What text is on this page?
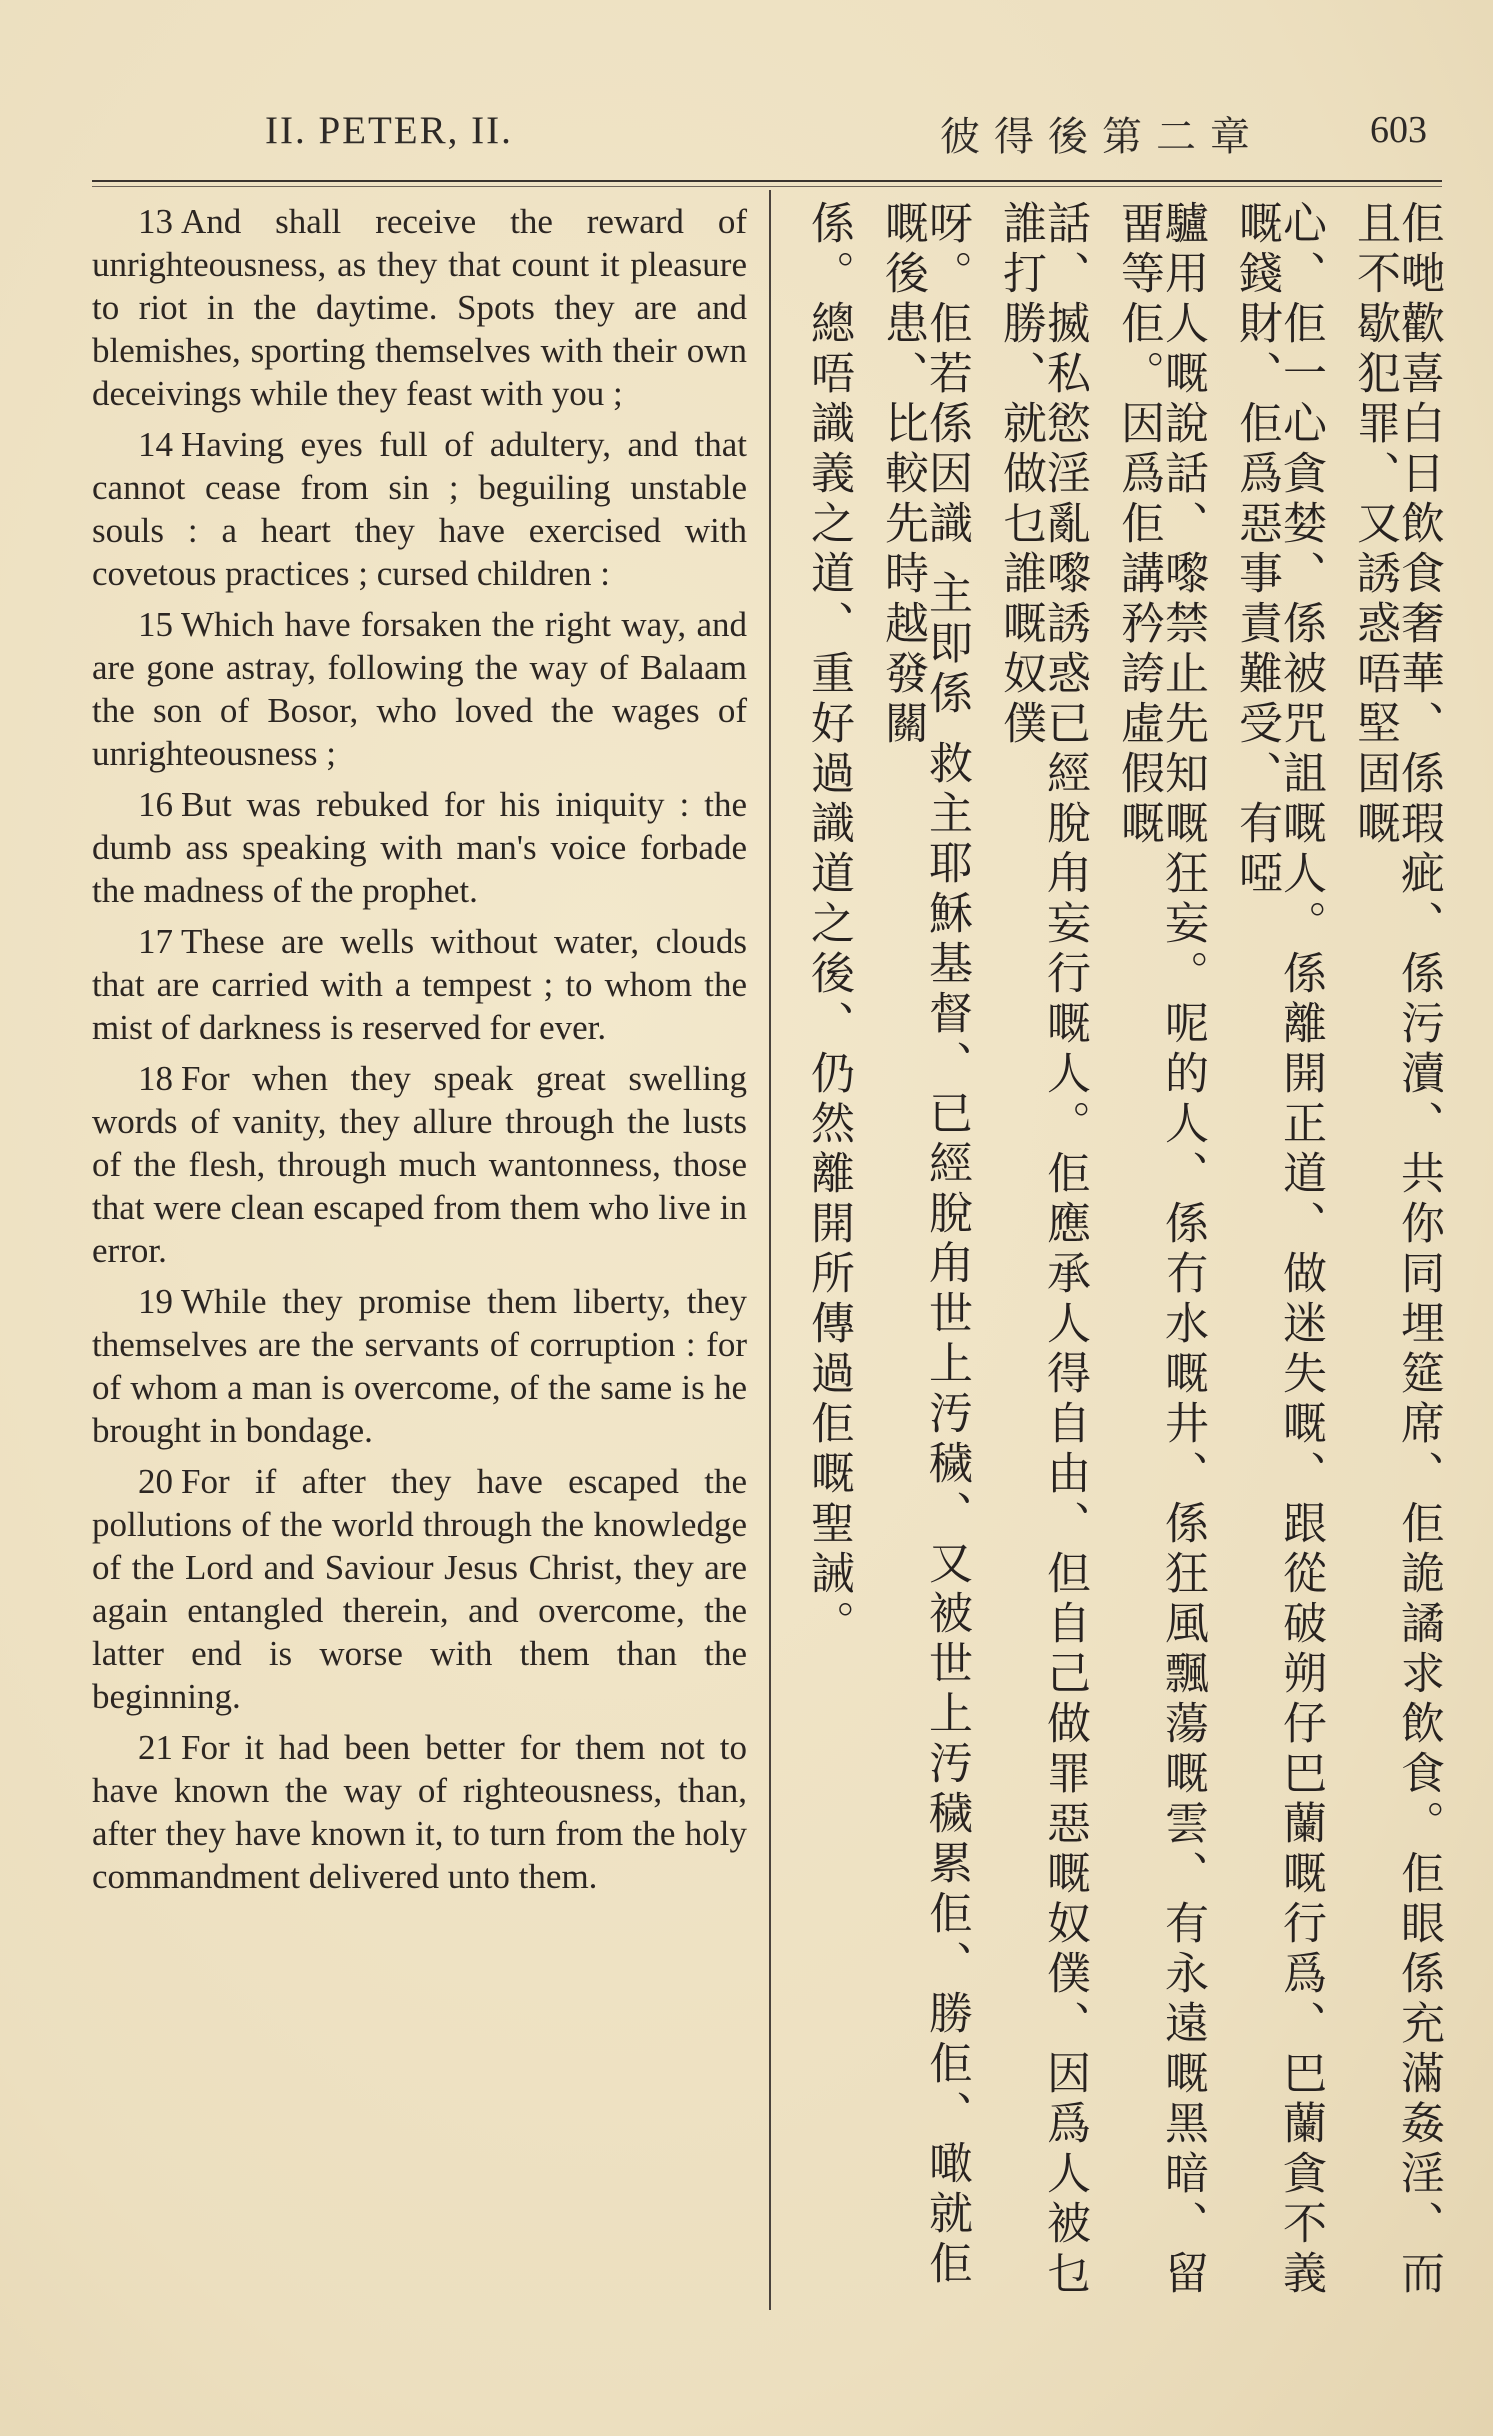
II. PETER, II.	彼得後第二章	603

13 And shall receive the reward of unrighteousness, as they that count it pleasure to riot in the daytime. Spots they are and blemishes, sporting themselves with their own deceivings while they feast with you ;

14 Having eyes full of adultery, and that cannot cease from sin ; beguiling unstable souls : a heart they have exercised with covetous practices ; cursed children :

15 Which have forsaken the right way, and are gone astray, following the way of Balaam the son of Bosor, who loved the wages of unrighteousness ;

16 But was rebuked for his iniquity : the dumb ass speaking with man's voice forbade the madness of the prophet.

17 These are wells without water, clouds that are carried with a tempest ; to whom the mist of darkness is reserved for ever.

18 For when they speak great swelling words of vanity, they allure through the lusts of the flesh, through much wantonness, those that were clean escaped from them who live in error.

19 While they promise them liberty, they themselves are the servants of corruption : for of whom a man is overcome, of the same is he brought in bondage.

20 For if after they have escaped the pollutions of the world through the knowledge of the Lord and Saviour Jesus Christ, they are again entangled therein, and overcome, the latter end is worse with them than the beginning.

21 For it had been better for them not to have known the way of righteousness, than, after they have known it, to turn from the holy commandment delivered unto them.	佢哋歡喜白日飲食奢華、係瑕疵、係污瀆、共你同埋筵席、佢詭譎求飲食。佢眼係充滿姦淫、而且不歇犯罪、又誘惑唔堅固嘅
心、佢一心貪婪、係被咒詛嘅人。係離開正道、做迷失嘅、跟從破朔仔巴蘭嘅行爲、巴蘭貪不義嘅錢財、佢爲惡事責難受、有啞
驢用人嘅說話、嚟禁止先知嘅狂妄。呢的人、係冇水嘅井、係狂風飄蕩嘅雲、有永遠嘅黑暗、留畱等佢。因爲佢講矜誇虛假嘅
話、揻私慾淫亂嚟誘惑已經脫甪妄行嘅人。佢應承人得自由、但自己做罪惡嘅奴僕、因爲人被乜誰打勝、就做乜誰嘅奴僕
呀。佢若係因識 主即係 救主耶穌基督、已經脫甪世上汚穢、又被世上汚穢累佢、勝佢、噉就佢嘅後患、比較先時越發關
係。總唔識義之道、重好過識道之後、仍然離開所傳過佢嘅聖誡。
